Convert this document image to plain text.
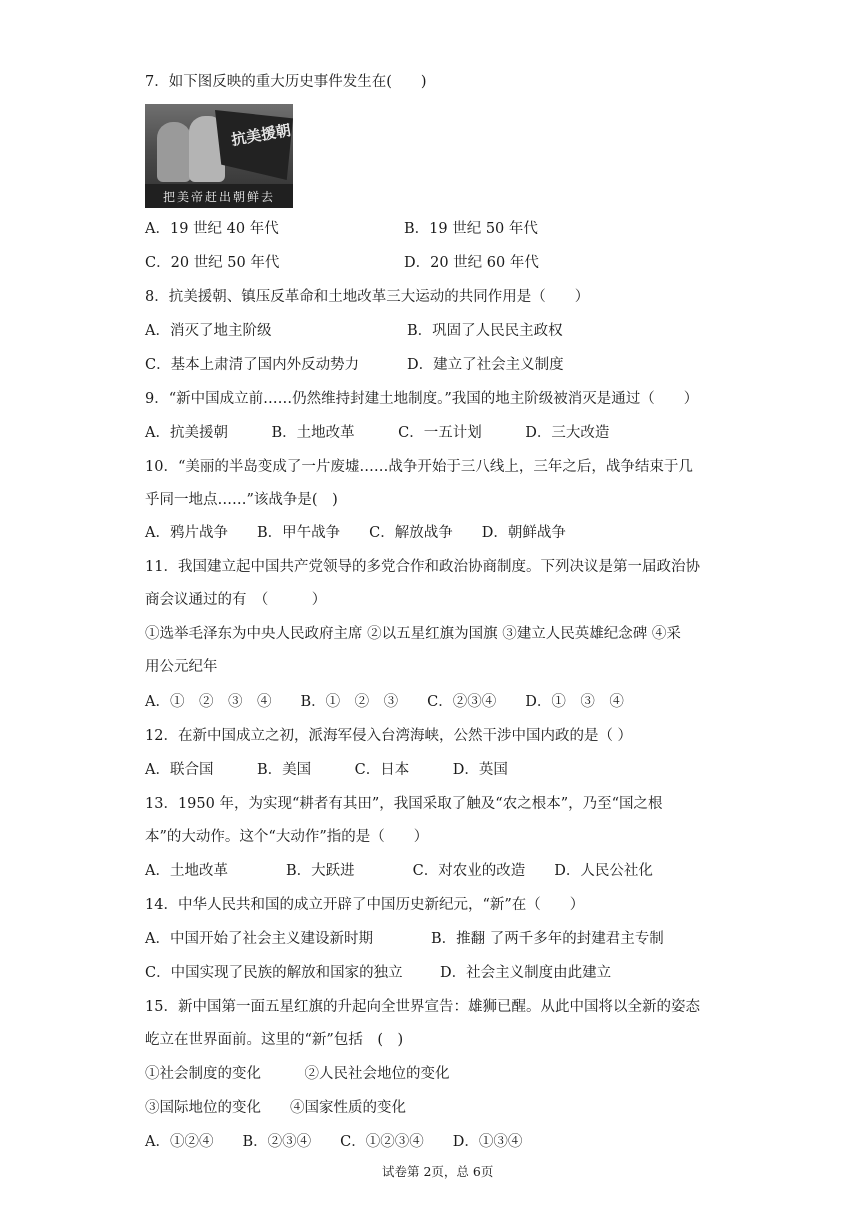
7．如下图反映的重大历史事件发生在(　　)
抗美援朝
把美帝赶出朝鲜去
A．19 世纪 40 年代	B．19 世纪 50 年代
C．20 世纪 50 年代	D．20 世纪 60 年代
8．抗美援朝、镇压反革命和土地改革三大运动的共同作用是（　　）
A．消灭了地主阶级	B．巩固了人民民主政权
C．基本上肃清了国内外反动势力	D．建立了社会主义制度
9．“新中国成立前……仍然维持封建土地制度。”我国的地主阶级被消灭是通过（　　）
A．抗美援朝　　　B．土地改革　　　C．一五计划　　　D．三大改造
10．“美丽的半岛变成了一片废墟……战争开始于三八线上，三年之后，战争结束于几
乎同一地点……”该战争是(　)
A．鸦片战争　　B．甲午战争　　C．解放战争　　D．朝鲜战争
11．我国建立起中国共产党领导的多党合作和政治协商制度。下列决议是第一届政治协
商会议通过的有　（　　　）
①选举毛泽东为中央人民政府主席 ②以五星红旗为国旗 ③建立人民英雄纪念碑 ④采
用公元纪年
A．①　②　③　④　　B．①　②　③　　C．②③④　　D．①　③　④
12．在新中国成立之初，派海军侵入台湾海峡，公然干涉中国内政的是（ ）
A．联合国　　　B．美国　　　C．日本　　　D．英国
13．1950 年，为实现“耕者有其田”，我国采取了触及“农之根本”，乃至“国之根
本”的大动作。这个“大动作”指的是（　　）
A．土地改革　　　　B．大跃进　　　　C．对农业的改造　　D．人民公社化
14．中华人民共和国的成立开辟了中国历史新纪元，“新”在（　　）
A．中国开始了社会主义建设新时期	B．推翻 了两千多年的封建君主专制
C．中国实现了民族的解放和国家的独立	D．社会主义制度由此建立
15．新中国第一面五星红旗的升起向全世界宣告：雄狮已醒。从此中国将以全新的姿态
屹立在世界面前。这里的“新”包括　(　)
①社会制度的变化　　　②人民社会地位的变化
③国际地位的变化　　④国家性质的变化
A．①②④　　B．②③④　　C．①②③④　　D．①③④
试卷第 2页，总 6页
